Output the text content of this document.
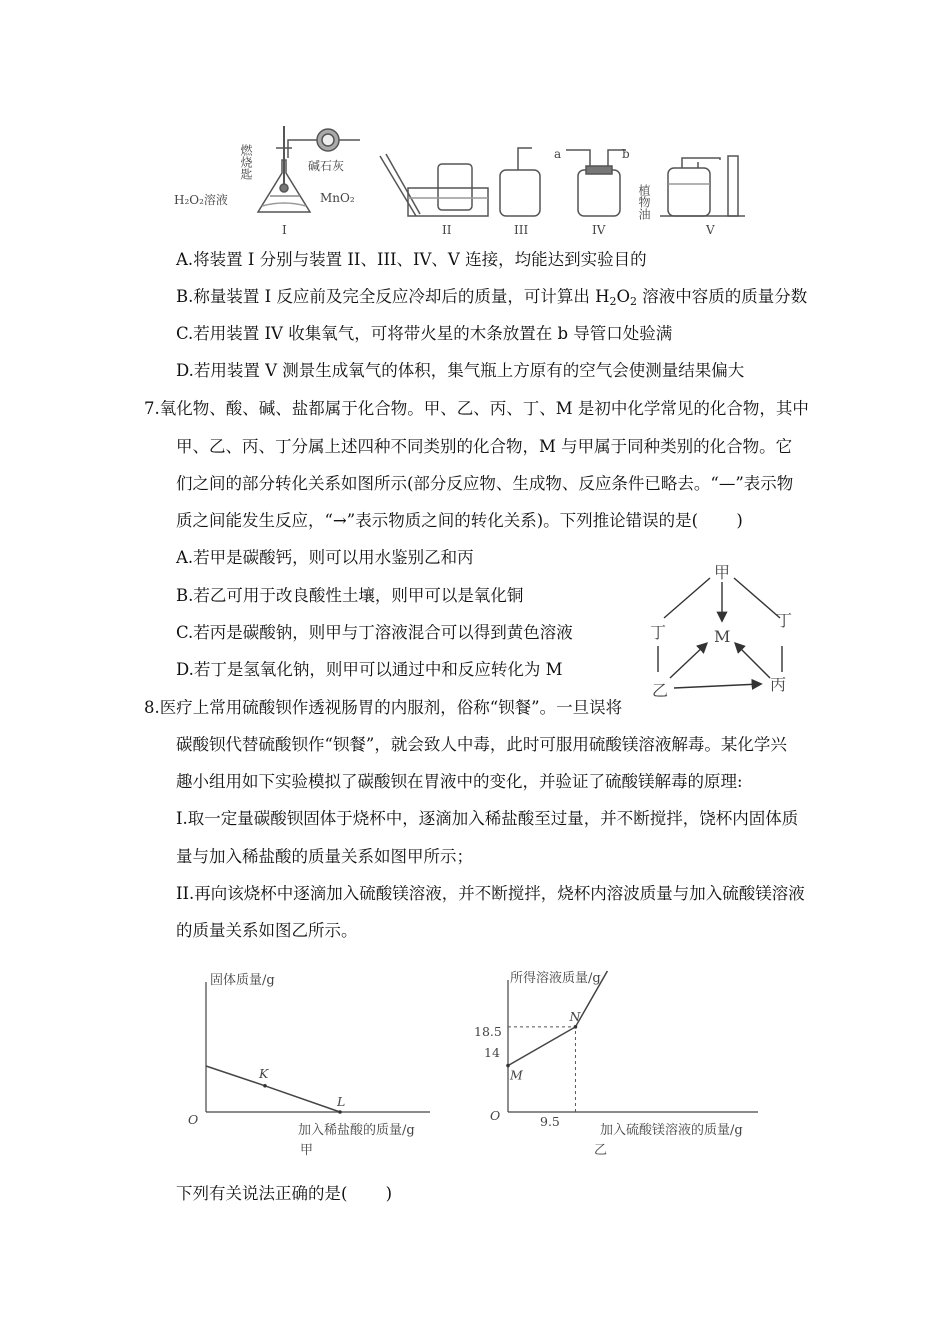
燃烧匙	碱石灰
H₂O₂溶液	MnO₂
a	b
植物油
I	II	III	IV	V
A.将装置 I 分别与装置 II、III、IV、V 连接，均能达到实验目的
B.称量装置 I 反应前及完全反应冷却后的质量，可计算出 $H_2O_2$ 溶液中容质的质量分数
C.若用装置 IV 收集氧气，可将带火星的木条放置在 b 导管口处验满
D.若用装置 V 测景生成氧气的体积，集气瓶上方原有的空气会使测量结果偏大
7.氧化物、酸、碱、盐都属于化合物。甲、乙、丙、丁、M 是初中化学常见的化合物，其中
甲、乙、丙、丁分属上述四种不同类别的化合物，M 与甲属于同种类别的化合物。它
们之间的部分转化关系如图所示(部分反应物、生成物、反应条件已略去。“—”表示物
质之间能发生反应，“→”表示物质之间的转化关系)。下列推论错误的是(　　 )
A.若甲是碳酸钙，则可以用水鉴别乙和丙
B.若乙可用于改良酸性土壤，则甲可以是氧化铜
C.若丙是碳酸钠，则甲与丁溶液混合可以得到黄色溶液
D.若丁是氢氧化钠，则甲可以通过中和反应转化为 M
甲
M
丁
丁
乙	丙
8.医疗上常用硫酸钡作透视肠胃的内服剂，俗称“钡餐”。一旦误将
碳酸钡代替硫酸钡作“钡餐”，就会致人中毒，此时可服用硫酸镁溶液解毒。某化学兴
趣小组用如下实验模拟了碳酸钡在胃液中的变化，并验证了硫酸镁解毒的原理:
I.取一定量碳酸钡固体于烧杯中，逐滴加入稀盐酸至过量，并不断搅拌，饶杯内固体质
量与加入稀盐酸的质量关系如图甲所示；
II.再向该烧杯中逐滴加入硫酸镁溶液，并不断搅拌，烧杯内溶波质量与加入硫酸镁溶液
的质量关系如图乙所示。
K
L
O
固体质量/g
加入稀盐酸的质量/g
甲
M
N
O
18.5
14
9.5
所得溶液质量/g
加入硫酸镁溶液的质量/g
乙
下列有关说法正确的是(　　 )
